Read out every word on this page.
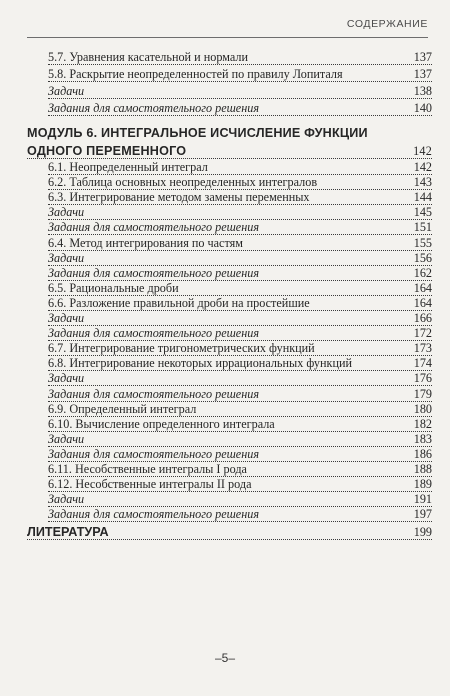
СОДЕРЖАНИЕ
5.7. Уравнения касательной и нормали	137
5.8. Раскрытие неопределенностей по правилу Лопиталя	137
Задачи	138
Задания для самостоятельного решения	140
МОДУЛЬ 6. ИНТЕГРАЛЬНОЕ ИСЧИСЛЕНИЕ ФУНКЦИИ
ОДНОГО ПЕРЕМЕННОГО	142
6.1. Неопределенный интеграл	142
6.2. Таблица основных неопределенных интегралов	143
6.3. Интегрирование методом замены переменных	144
Задачи	145
Задания для самостоятельного решения	151
6.4. Метод интегрирования по частям	155
Задачи	156
Задания для самостоятельного решения	162
6.5. Рациональные дроби	164
6.6. Разложение правильной дроби на простейшие	164
Задачи	166
Задания для самостоятельного решения	172
6.7. Интегрирование тригонометрических функций	173
6.8. Интегрирование некоторых иррациональных функций	174
Задачи	176
Задания для самостоятельного решения	179
6.9. Определенный интеграл	180
6.10. Вычисление определенного интеграла	182
Задачи	183
Задания для самостоятельного решения	186
6.11. Несобственные интегралы I рода	188
6.12. Несобственные интегралы II рода	189
Задачи	191
Задания для самостоятельного решения	197
ЛИТЕРАТУРА	199
–5–
